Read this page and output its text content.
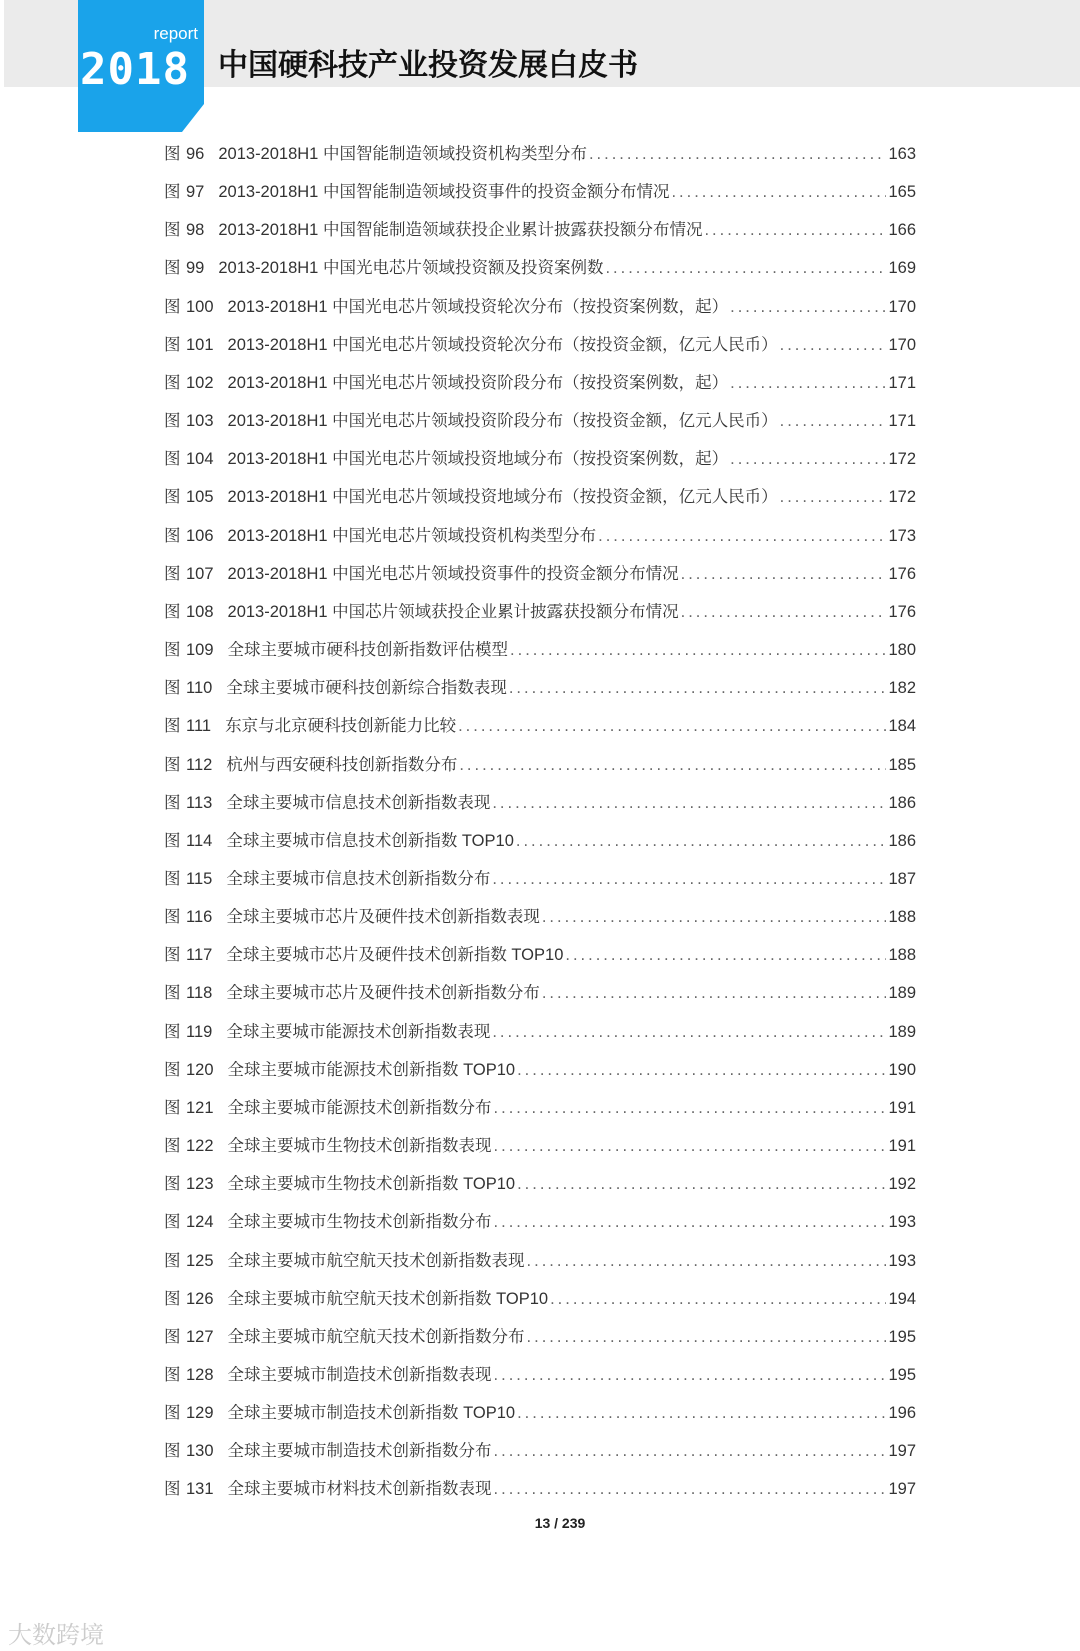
report
2018 中国硬科技产业投资发展白皮书
图 96 2013-2018H1 中国智能制造领域投资机构类型分布 .....	163
图 97 2013-2018H1 中国智能制造领域投资事件的投资金额分布情况 .....	165
图 98 2013-2018H1 中国智能制造领域获投企业累计披露获投额分布情况 .....	166
图 99 2013-2018H1 中国光电芯片领域投资额及投资案例数 .....	169
图 100 2013-2018H1 中国光电芯片领域投资轮次分布（按投资案例数，起） .....	170
图 101 2013-2018H1 中国光电芯片领域投资轮次分布（按投资金额，亿元人民币） .....	170
图 102 2013-2018H1 中国光电芯片领域投资阶段分布（按投资案例数，起） .....	171
图 103 2013-2018H1 中国光电芯片领域投资阶段分布（按投资金额，亿元人民币） .....	171
图 104 2013-2018H1 中国光电芯片领域投资地域分布（按投资案例数，起） .....	172
图 105 2013-2018H1 中国光电芯片领域投资地域分布（按投资金额，亿元人民币） .....	172
图 106 2013-2018H1 中国光电芯片领域投资机构类型分布 .....	173
图 107 2013-2018H1 中国光电芯片领域投资事件的投资金额分布情况 .....	176
图 108 2013-2018H1 中国芯片领域获投企业累计披露获投额分布情况 .....	176
图 109 全球主要城市硬科技创新指数评估模型 .....	180
图 110 全球主要城市硬科技创新综合指数表现 .....	182
图 111 东京与北京硬科技创新能力比较 .....	184
图 112 杭州与西安硬科技创新指数分布 .....	185
图 113 全球主要城市信息技术创新指数表现 .....	186
图 114 全球主要城市信息技术创新指数 TOP10 .....	186
图 115 全球主要城市信息技术创新指数分布 .....	187
图 116 全球主要城市芯片及硬件技术创新指数表现 .....	188
图 117 全球主要城市芯片及硬件技术创新指数 TOP10 .....	188
图 118 全球主要城市芯片及硬件技术创新指数分布 .....	189
图 119 全球主要城市能源技术创新指数表现 .....	189
图 120 全球主要城市能源技术创新指数 TOP10 .....	190
图 121 全球主要城市能源技术创新指数分布 .....	191
图 122 全球主要城市生物技术创新指数表现 .....	191
图 123 全球主要城市生物技术创新指数 TOP10 .....	192
图 124 全球主要城市生物技术创新指数分布 .....	193
图 125 全球主要城市航空航天技术创新指数表现 .....	193
图 126 全球主要城市航空航天技术创新指数 TOP10 .....	194
图 127 全球主要城市航空航天技术创新指数分布 .....	195
图 128 全球主要城市制造技术创新指数表现 .....	195
图 129 全球主要城市制造技术创新指数 TOP10 .....	196
图 130 全球主要城市制造技术创新指数分布 .....	197
图 131 全球主要城市材料技术创新指数表现 .....	197
13 / 239
大数跨境
